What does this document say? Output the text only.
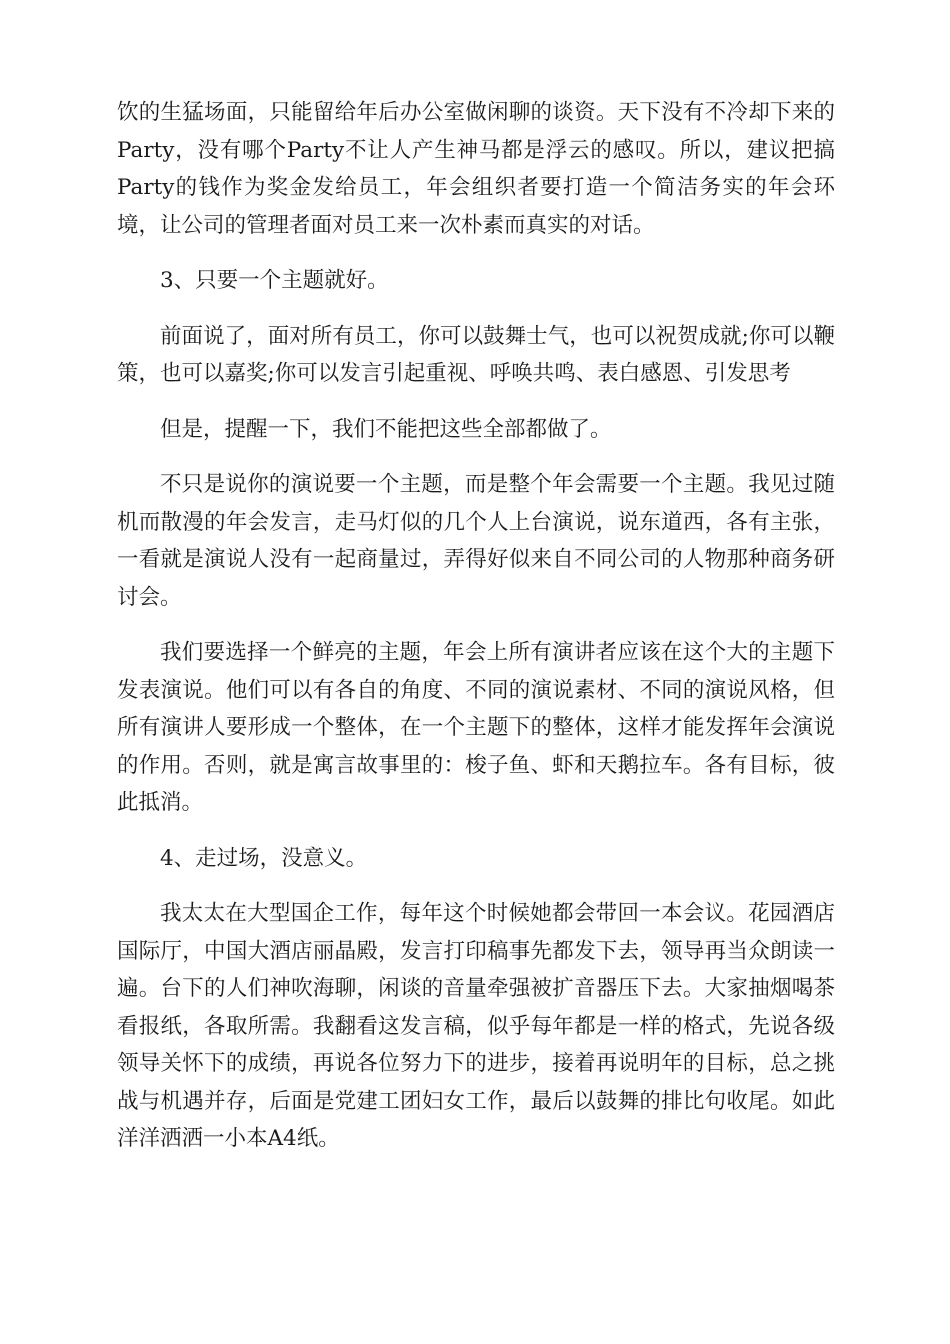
饮的生猛场面，只能留给年后办公室做闲聊的谈资。天下没有不冷却下来的Party，没有哪个Party不让人产生神马都是浮云的感叹。所以，建议把搞Party的钱作为奖金发给员工，年会组织者要打造一个简洁务实的年会环境，让公司的管理者面对员工来一次朴素而真实的对话。

3、只要一个主题就好。

前面说了，面对所有员工，你可以鼓舞士气，也可以祝贺成就;你可以鞭策，也可以嘉奖;你可以发言引起重视、呼唤共鸣、表白感恩、引发思考

但是，提醒一下，我们不能把这些全部都做了。

不只是说你的演说要一个主题，而是整个年会需要一个主题。我见过随机而散漫的年会发言，走马灯似的几个人上台演说，说东道西，各有主张，一看就是演说人没有一起商量过，弄得好似来自不同公司的人物那种商务研讨会。

我们要选择一个鲜亮的主题，年会上所有演讲者应该在这个大的主题下发表演说。他们可以有各自的角度、不同的演说素材、不同的演说风格，但所有演讲人要形成一个整体，在一个主题下的整体，这样才能发挥年会演说的作用。否则，就是寓言故事里的：梭子鱼、虾和天鹅拉车。各有目标，彼此抵消。

4、走过场，没意义。

我太太在大型国企工作，每年这个时候她都会带回一本会议。花园酒店国际厅，中国大酒店丽晶殿，发言打印稿事先都发下去，领导再当众朗读一遍。台下的人们神吹海聊，闲谈的音量牵强被扩音器压下去。大家抽烟喝茶看报纸，各取所需。我翻看这发言稿，似乎每年都是一样的格式，先说各级领导关怀下的成绩，再说各位努力下的进步，接着再说明年的目标，总之挑战与机遇并存，后面是党建工团妇女工作，最后以鼓舞的排比句收尾。如此洋洋洒洒一小本A4纸。
